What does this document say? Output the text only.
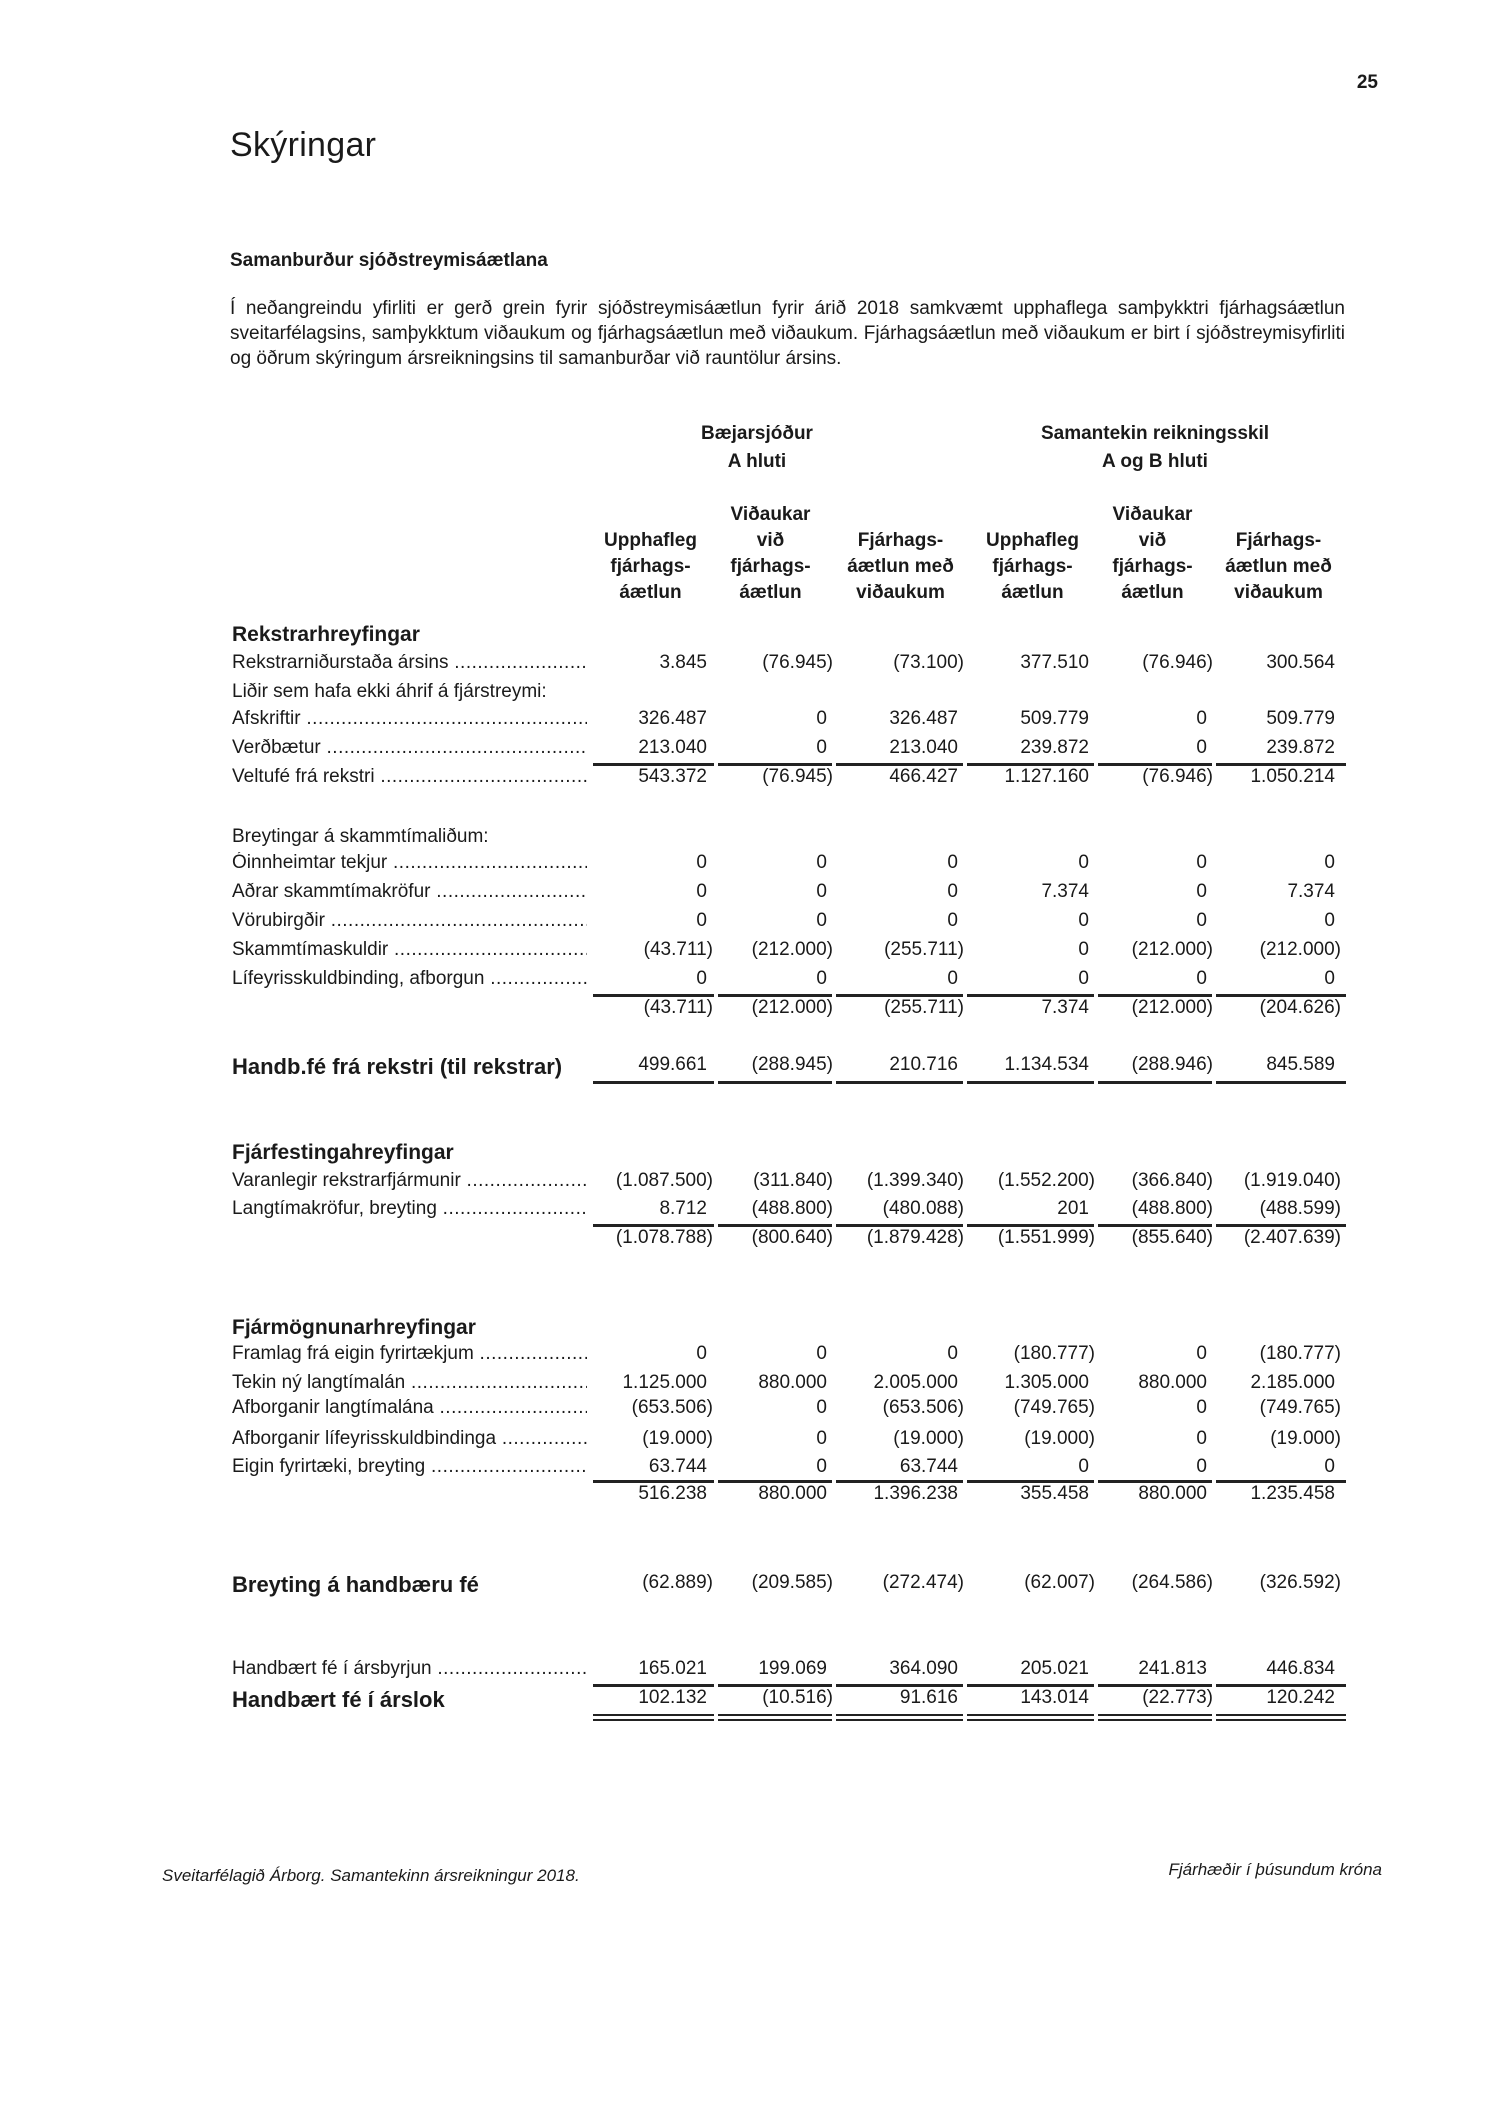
25
Skýringar
Samanburður sjóðstreymisáætlana

Í neðangreindu yfirliti er gerð grein fyrir sjóðstreymisáætlun fyrir árið 2018 samkvæmt upphaflega samþykktri fjárhagsáætlun sveitarfélagsins, samþykktum viðaukum og fjárhagsáætlun með viðaukum. Fjárhagsáætlun með viðaukum er birt í sjóðstreymisyfirliti og öðrum skýringum ársreikningsins til samanburðar við rauntölur ársins.

Bæjarsjóður
A hluti
Samantekin reikningsskil
A og B hluti

Upphafleg
fjárhags-
áætlun
Viðaukar
við
fjárhags-
áætlun

Fjárhags-
áætlun með
viðaukum

Upphafleg
fjárhags-
áætlun
Viðaukar
við
fjárhags-
áætlun

Fjárhags-
áætlun með
viðaukum
Rekstrarhreyfingar
Rekstrarniðurstaða ársins .....	3.845	(76.945)	(73.100)	377.510	(76.946)	300.564
Liðir sem hafa ekki áhrif á fjárstreymi:
Afskriftir .....	326.487	0	326.487	509.779	0	509.779
Verðbætur .....	213.040	0	213.040	239.872	0	239.872
Veltufé frá rekstri .....	543.372	(76.945)	466.427	1.127.160	(76.946)	1.050.214
Breytingar á skammtímaliðum:
Óinnheimtar tekjur .....	0	0	0	0	0	0
Aðrar skammtímakröfur .....	0	0	0	7.374	0	7.374
Vörubirgðir .....	0	0	0	0	0	0
Skammtímaskuldir .....	(43.711)	(212.000)	(255.711)	0	(212.000)	(212.000)
Lífeyrisskuldbinding, afborgun .....	0	0	0	0	0	0
(43.711)	(212.000)	(255.711)	7.374	(212.000)	(204.626)
Handb.fé frá rekstri (til rekstrar)	499.661	(288.945)	210.716	1.134.534	(288.946)	845.589
Fjárfestingahreyfingar
Varanlegir rekstrarfjármunir .....	(1.087.500)	(311.840)	(1.399.340)	(1.552.200)	(366.840)	(1.919.040)
Langtímakröfur, breyting .....	8.712	(488.800)	(480.088)	201	(488.800)	(488.599)
(1.078.788)	(800.640)	(1.879.428)	(1.551.999)	(855.640)	(2.407.639)
Fjármögnunarhreyfingar
Framlag frá eigin fyrirtækjum .....	0	0	0	(180.777)	0	(180.777)
Tekin ný langtímalán .....	1.125.000	880.000	2.005.000	1.305.000	880.000	2.185.000
Afborganir langtímalána .....	(653.506)	0	(653.506)	(749.765)	0	(749.765)
Afborganir lífeyrisskuldbindinga .....	(19.000)	0	(19.000)	(19.000)	0	(19.000)
Eigin fyrirtæki, breyting .....	63.744	0	63.744	0	0	0
516.238	880.000	1.396.238	355.458	880.000	1.235.458
Breyting á handbæru fé	(62.889)	(209.585)	(272.474)	(62.007)	(264.586)	(326.592)
Handbært fé í ársbyrjun .....	165.021	199.069	364.090	205.021	241.813	446.834
Handbært fé í árslok	102.132	(10.516)	91.616	143.014	(22.773)	120.242
Sveitarfélagið Árborg. Samantekinn ársreikningur 2018.	Fjárhæðir í þúsundum króna
